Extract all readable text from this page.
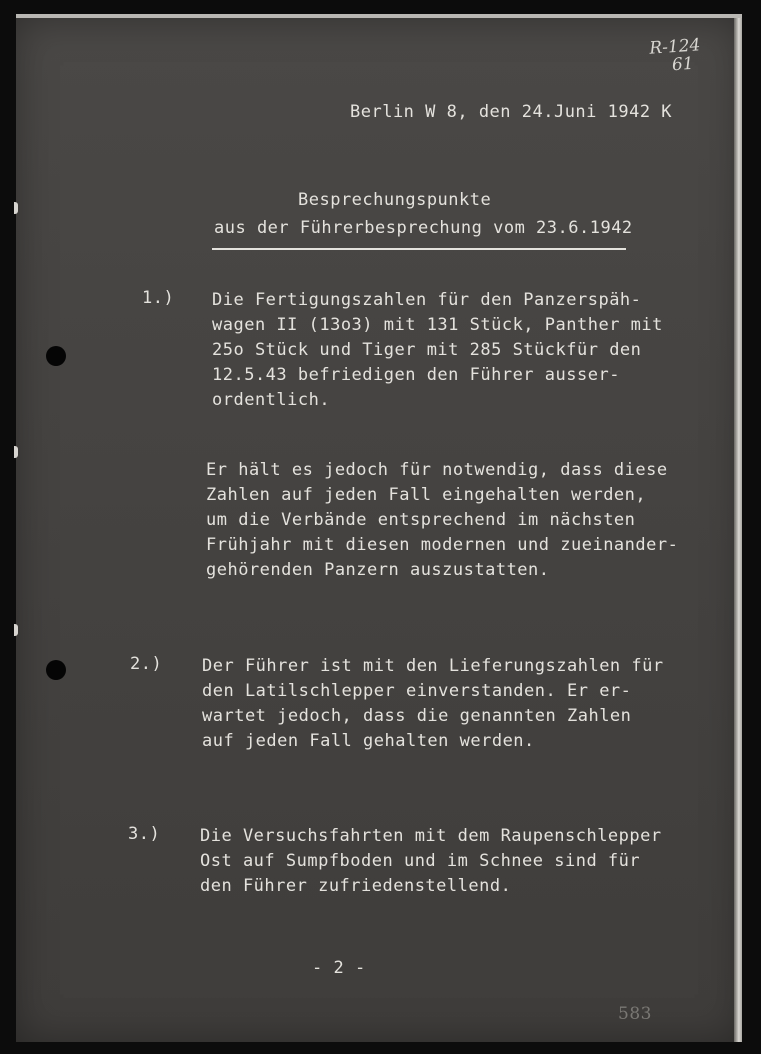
R-124
61
Berlin W 8, den 24.Juni 1942 K
Besprechungspunkte
aus der Führerbesprechung vom 23.6.1942
1.) Die Fertigungszahlen für den Panzerspäh-
wagen II (13o3) mit 131 Stück, Panther mit
25o Stück und Tiger mit 285 Stückfür den
12.5.43 befriedigen den Führer ausser-
ordentlich.
Er hält es jedoch für notwendig, dass diese
Zahlen auf jeden Fall eingehalten werden,
um die Verbände entsprechend im nächsten
Frühjahr mit diesen modernen und zueinander-
gehörenden Panzern auszustatten.
2.) Der Führer ist mit den Lieferungszahlen für
den Latilschlepper einverstanden. Er er-
wartet jedoch, dass die genannten Zahlen
auf jeden Fall gehalten werden.
3.) Die Versuchsfahrten mit dem Raupenschlepper
Ost auf Sumpfboden und im Schnee sind für
den Führer zufriedenstellend.
- 2 -
583
